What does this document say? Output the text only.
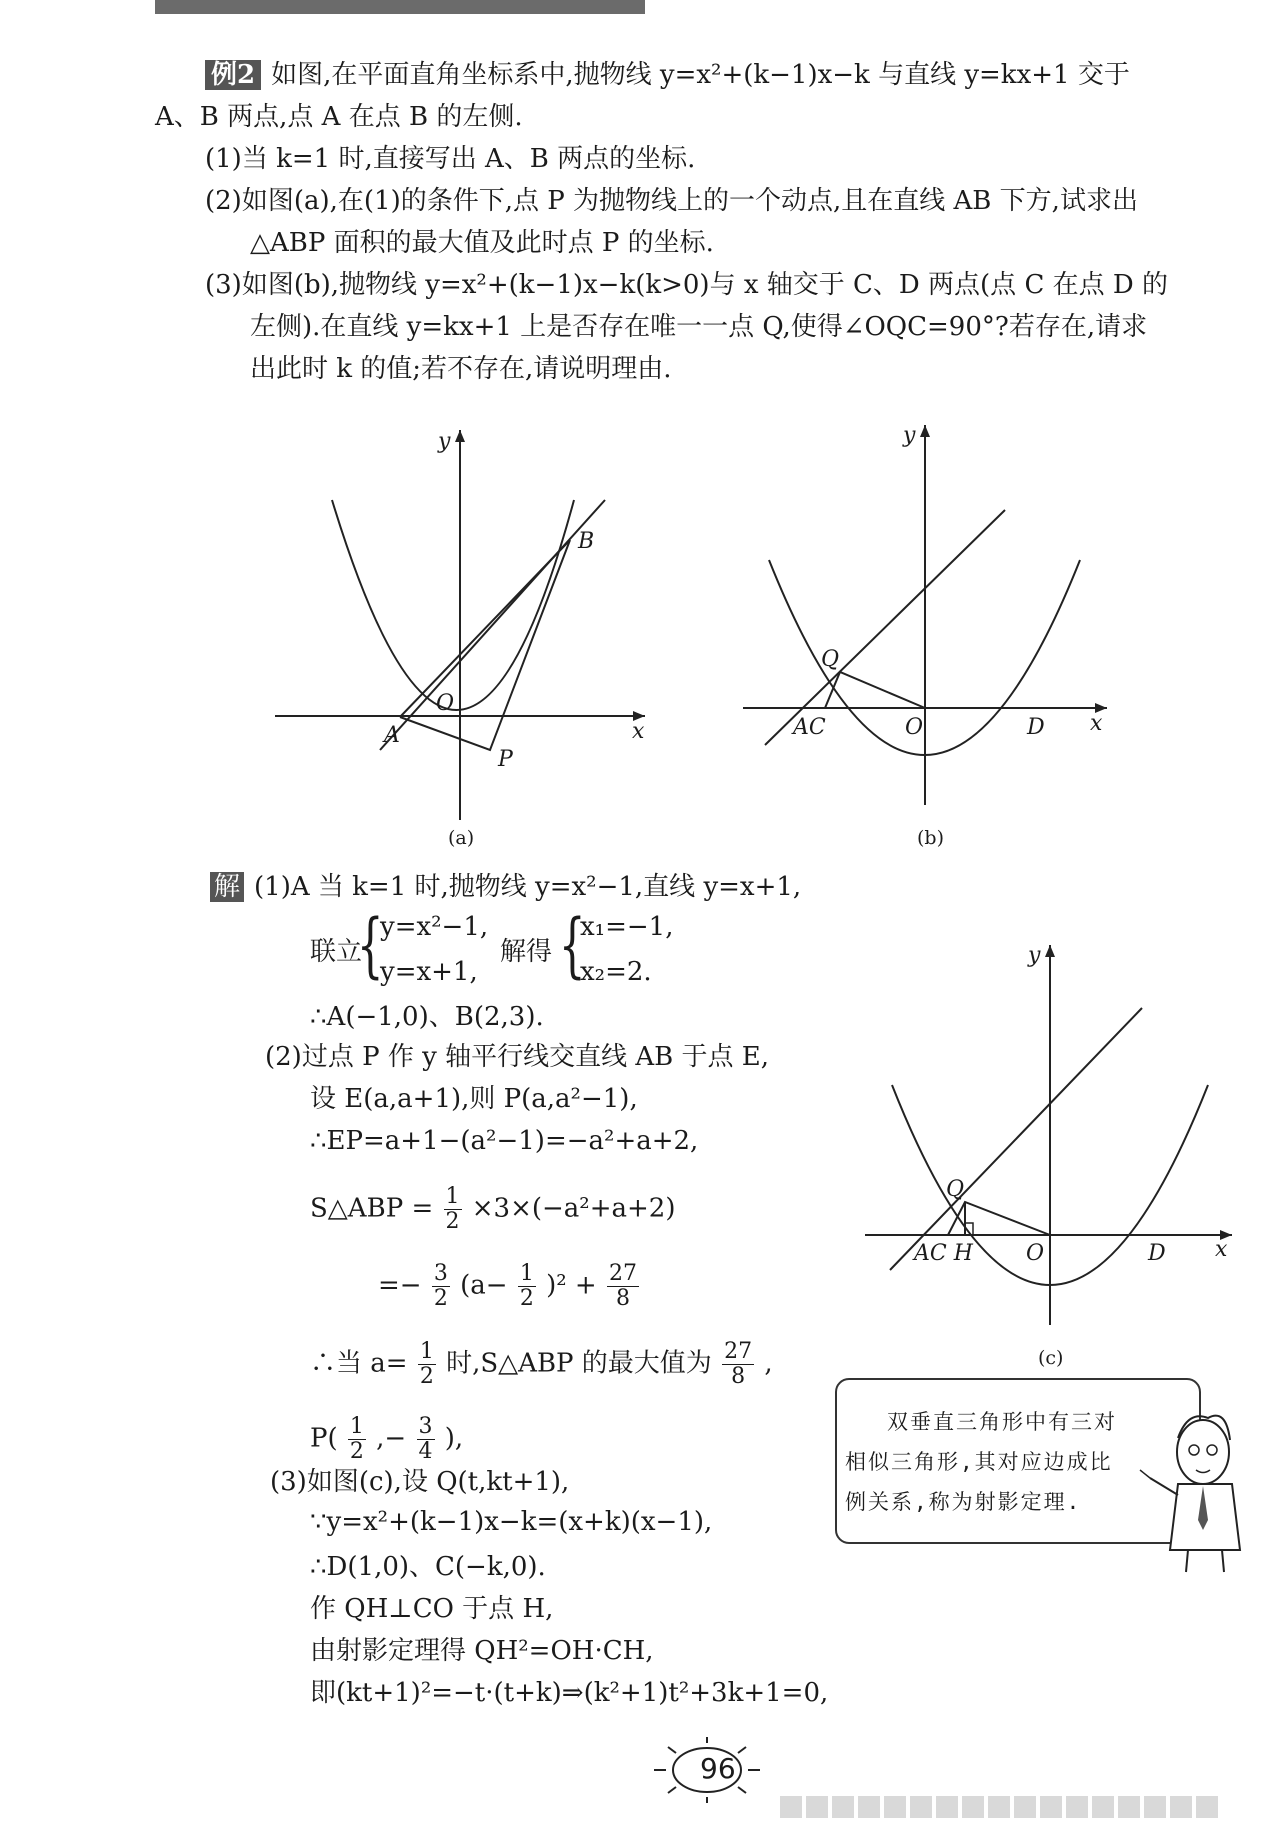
例2 如图,在平面直角坐标系中,抛物线 y=x²+(k−1)x−k 与直线 y=kx+1 交于
A、B 两点,点 A 在点 B 的左侧.
(1)当 k=1 时,直接写出 A、B 两点的坐标.
(2)如图(a),在(1)的条件下,点 P 为抛物线上的一个动点,且在直线 AB 下方,试求出
△ABP 面积的最大值及此时点 P 的坐标.
(3)如图(b),抛物线 y=x²+(k−1)x−k(k>0)与 x 轴交于 C、D 两点(点 C 在点 D 的
左侧).在直线 y=kx+1 上是否存在唯一一点 Q,使得∠OQC=90°?若存在,请求
出此时 k 的值;若不存在,请说明理由.
y
x
O
A
B
P
(a)
y
x
O
Q
AC	D
(b)
解 (1)A 当 k=1 时,抛物线 y=x²−1,直线 y=x+1,
联立
{
y=x²−1,
y=x+1,
解得 {
x₁=−1,
x₂=2.
∴A(−1,0)、B(2,3).
(2)过点 P 作 y 轴平行线交直线 AB 于点 E,
设 E(a,a+1),则 P(a,a²−1),
∴EP=a+1−(a²−1)=−a²+a+2,
S△ABP = $\frac{1}{2} \times 3\times(-a^2+a+2)$
=− $\frac{3}{2} (a- \frac{1}{2} )^2 + \frac{27}{8}$
∴当 $a= \frac{1}{2}$ 时,S△ABP 的最大值为 $\frac{27}{8}$ ,
$P( \frac{1}{2}$ ,− $\frac{3}{4}$ ),
(3)如图(c),设 Q(t,kt+1),
∵y=x²+(k−1)x−k=(x+k)(x−1),
∴D(1,0)、C(−k,0).
作 QH⊥CO 于点 H,
由射影定理得 QH²=OH·CH,
即(kt+1)²=−t·(t+k)⇒(k²+1)t²+3k+1=0,
y
x
O
Q
AC H	D
(c)
双垂直三角形中有三对
相似三角形,其对应边成比
例关系,称为射影定理.
96
